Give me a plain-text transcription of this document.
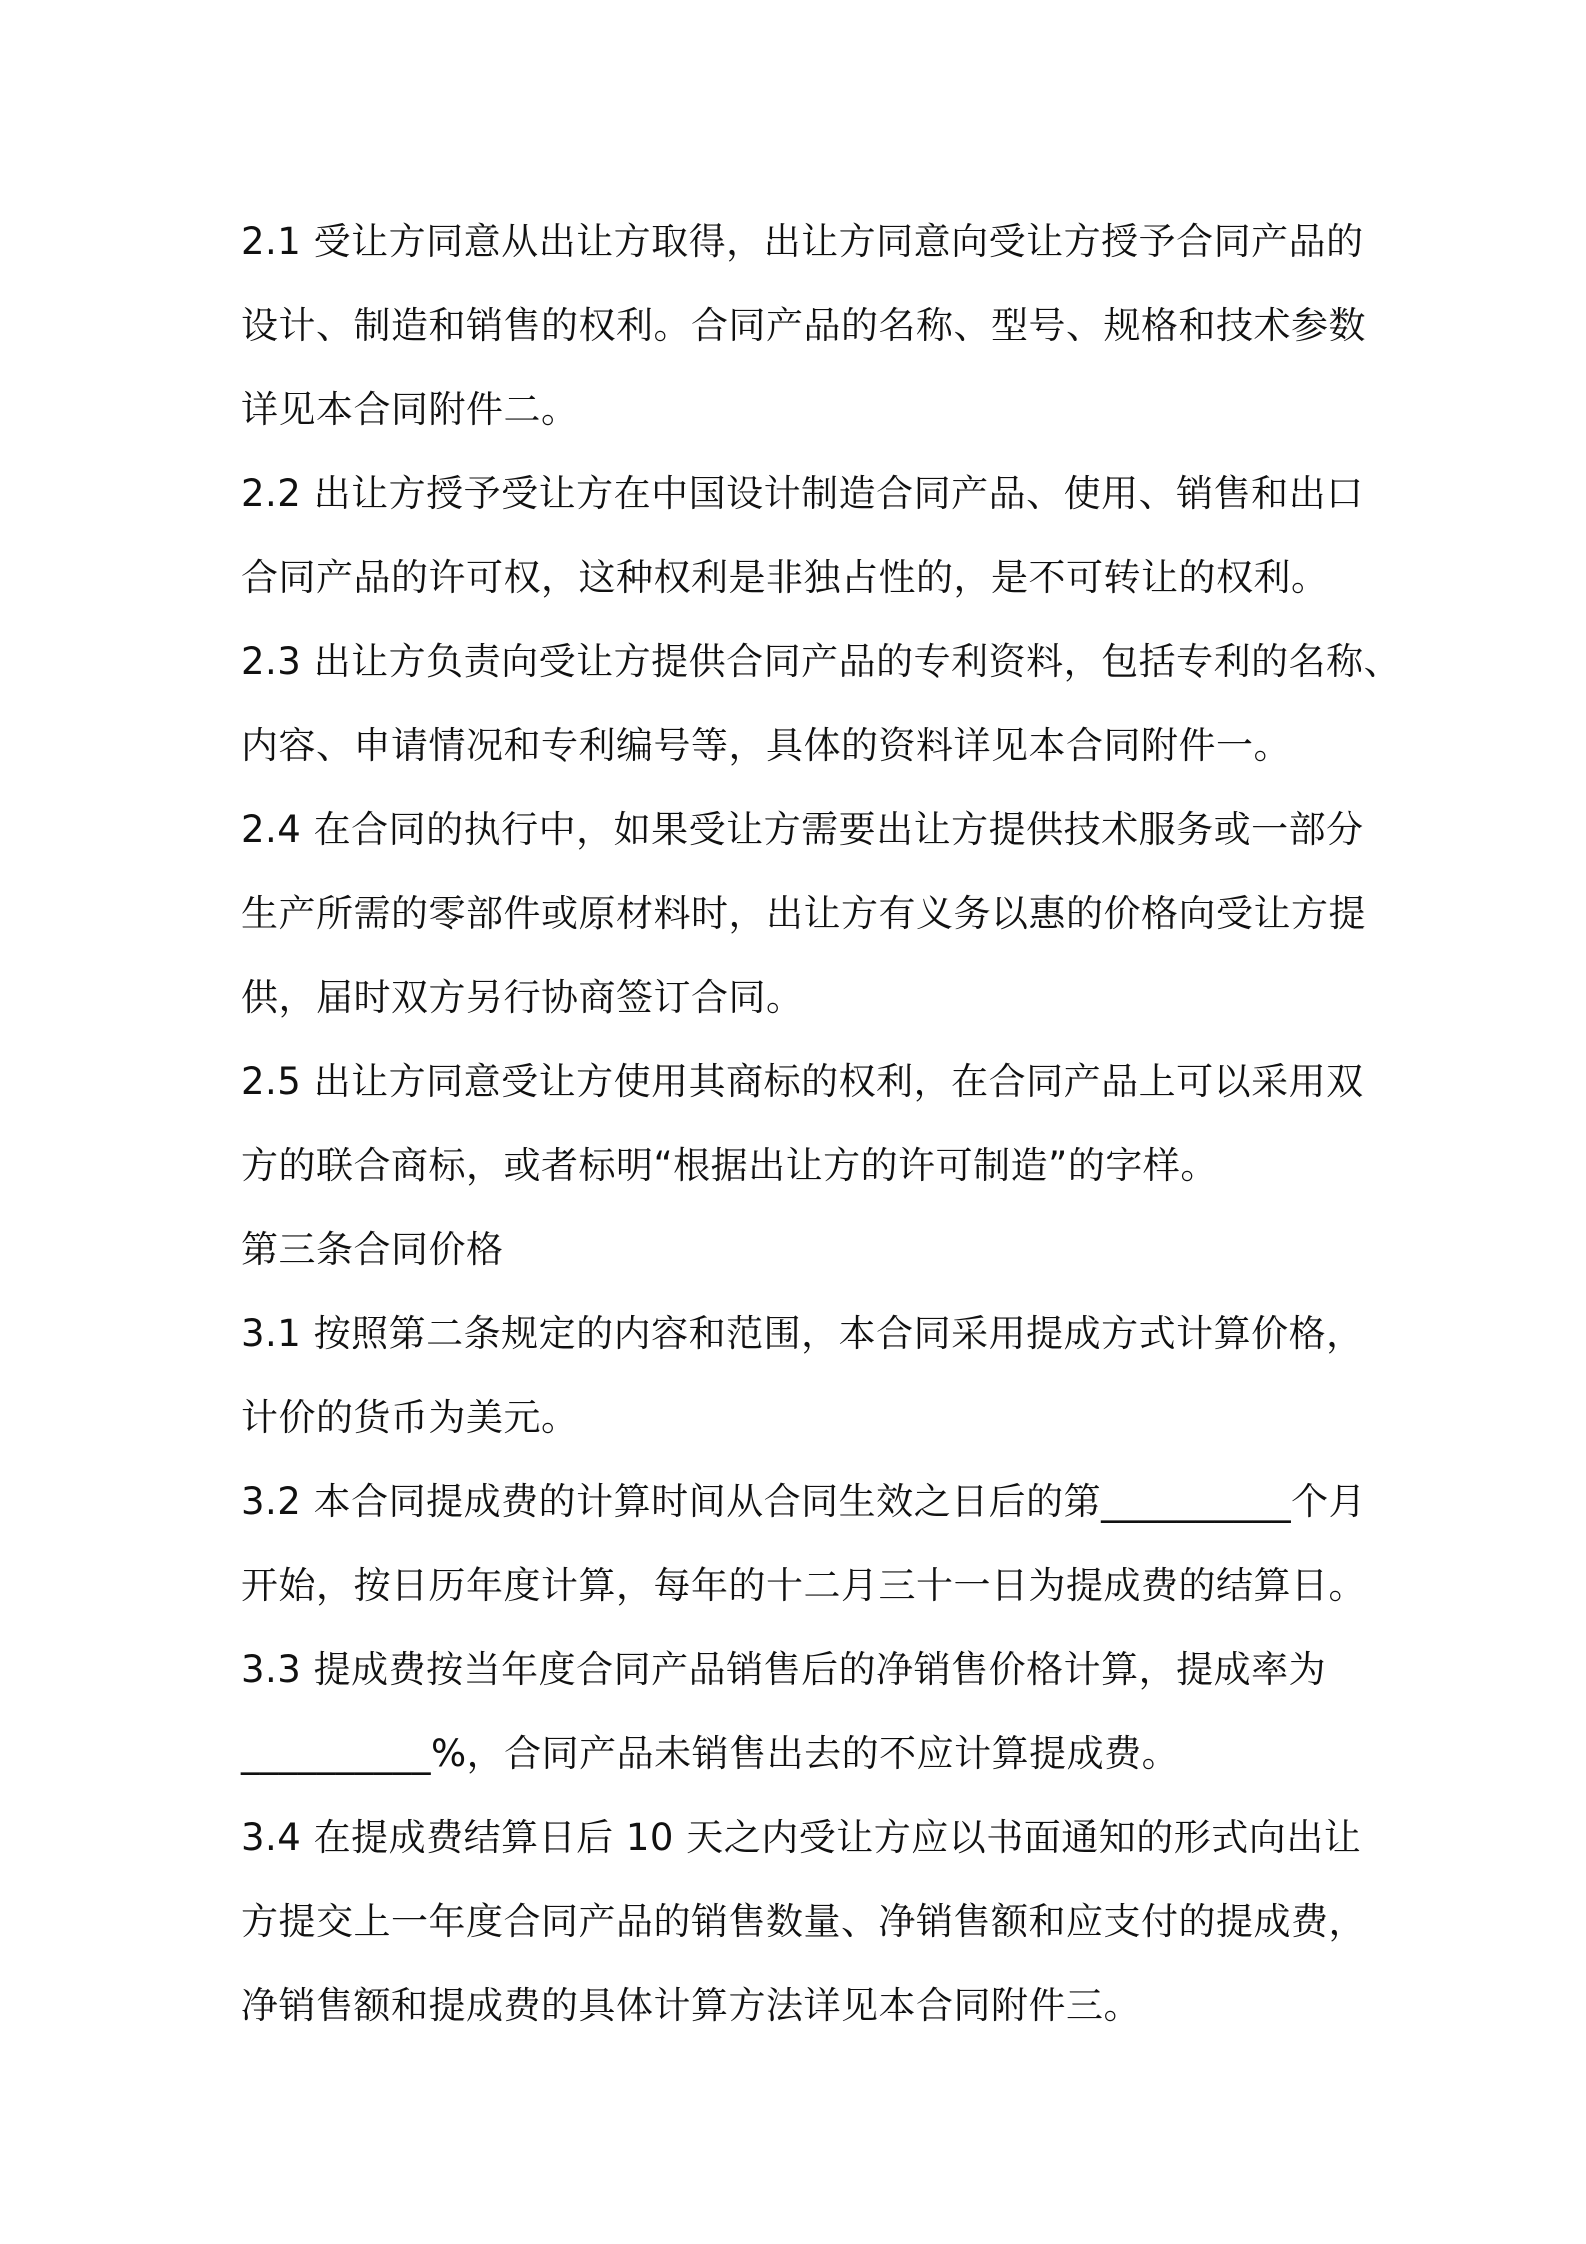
2.1 受让方同意从出让方取得，出让方同意向受让方授予合同产品的
设计、制造和销售的权利。合同产品的名称、型号、规格和技术参数
详见本合同附件二。
2.2 出让方授予受让方在中国设计制造合同产品、使用、销售和出口
合同产品的许可权，这种权利是非独占性的，是不可转让的权利。
2.3 出让方负责向受让方提供合同产品的专利资料，包括专利的名称、
内容、申请情况和专利编号等，具体的资料详见本合同附件一。
2.4 在合同的执行中，如果受让方需要出让方提供技术服务或一部分
生产所需的零部件或原材料时，出让方有义务以惠的价格向受让方提
供，届时双方另行协商签订合同。
2.5 出让方同意受让方使用其商标的权利，在合同产品上可以采用双
方的联合商标，或者标明“根据出让方的许可制造”的字样。
第三条合同价格
3.1 按照第二条规定的内容和范围，本合同采用提成方式计算价格，
计价的货币为美元。
3.2 本合同提成费的计算时间从合同生效之日后的第__________个月
开始，按日历年度计算，每年的十二月三十一日为提成费的结算日。
3.3 提成费按当年度合同产品销售后的净销售价格计算，提成率为
__________%，合同产品未销售出去的不应计算提成费。
3.4 在提成费结算日后 10 天之内受让方应以书面通知的形式向出让
方提交上一年度合同产品的销售数量、净销售额和应支付的提成费，
净销售额和提成费的具体计算方法详见本合同附件三。
